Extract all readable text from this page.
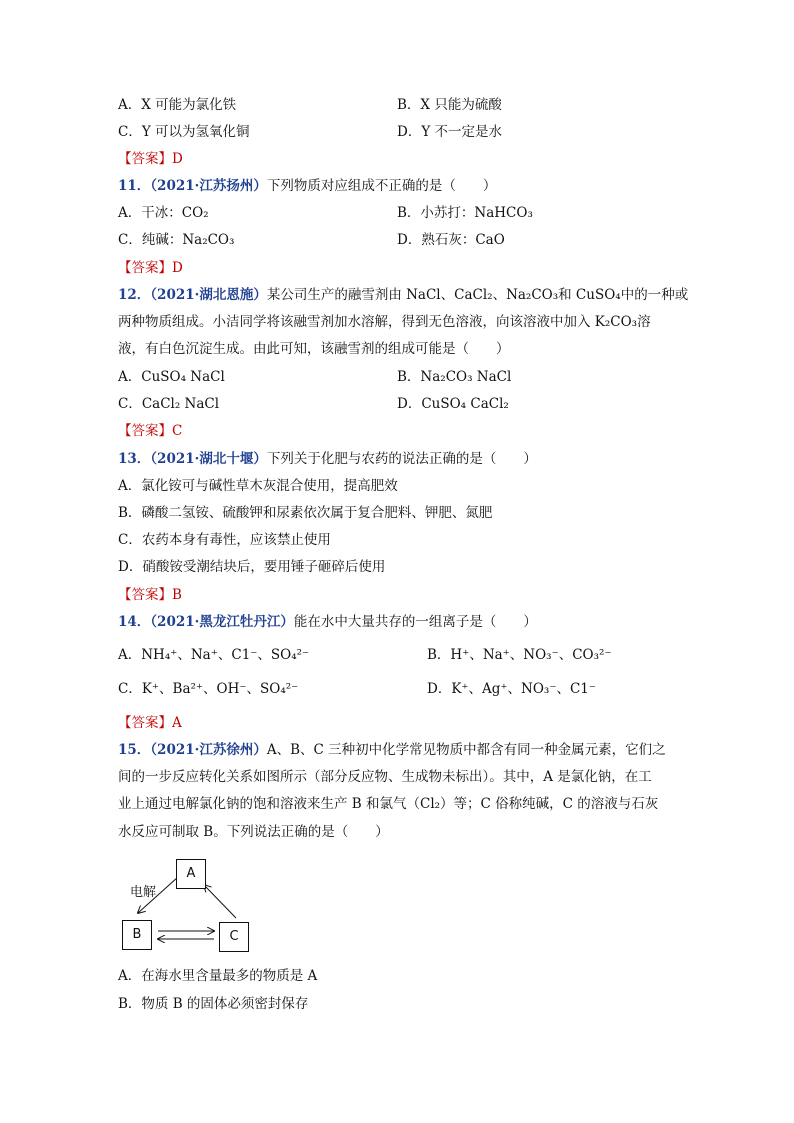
A．X 可能为氯化铁	B．X 只能为硫酸
C．Y 可以为氢氧化铜	D．Y 不一定是水
【答案】D
11．（2021·江苏扬州）下列物质对应组成不正确的是（　　）
A．干冰：CO₂	B．小苏打：NaHCO₃
C．纯碱：Na₂CO₃	D．熟石灰：CaO
【答案】D
12．（2021·湖北恩施）某公司生产的融雪剂由 NaCl、CaCl₂、Na₂CO₃和 CuSO₄中的一种或
两种物质组成。小洁同学将该融雪剂加水溶解，得到无色溶液，向该溶液中加入 K₂CO₃溶
液，有白色沉淀生成。由此可知，该融雪剂的组成可能是（　　）
A．CuSO₄ NaCl	B．Na₂CO₃ NaCl
C．CaCl₂ NaCl	D．CuSO₄ CaCl₂
【答案】C
13．（2021·湖北十堰）下列关于化肥与农药的说法正确的是（　　）
A．氯化铵可与碱性草木灰混合使用，提高肥效
B．磷酸二氢铵、硫酸钾和尿素依次属于复合肥料、钾肥、氮肥
C．农药本身有毒性，应该禁止使用
D．硝酸铵受潮结块后，要用锤子砸碎后使用
【答案】B
14．（2021·黑龙江牡丹江）能在水中大量共存的一组离子是（　　）
A．NH₄⁺、Na⁺、C1⁻、SO₄²⁻	B．H⁺、Na⁺、NO₃⁻、CO₃²⁻
C．K⁺、Ba²⁺、OH⁻、SO₄²⁻	D．K⁺、Ag⁺、NO₃⁻、C1⁻
【答案】A
15．（2021·江苏徐州）A、B、C 三种初中化学常见物质中都含有同一种金属元素，它们之
间的一步反应转化关系如图所示（部分反应物、生成物未标出）。其中，A 是氯化钠，在工
业上通过电解氯化钠的饱和溶液来生产 B 和氯气（Cl₂）等；C 俗称纯碱，C 的溶液与石灰
水反应可制取 B。下列说法正确的是（　　）
A
B	C
电解
A．在海水里含量最多的物质是 A
B．物质 B 的固体必须密封保存
